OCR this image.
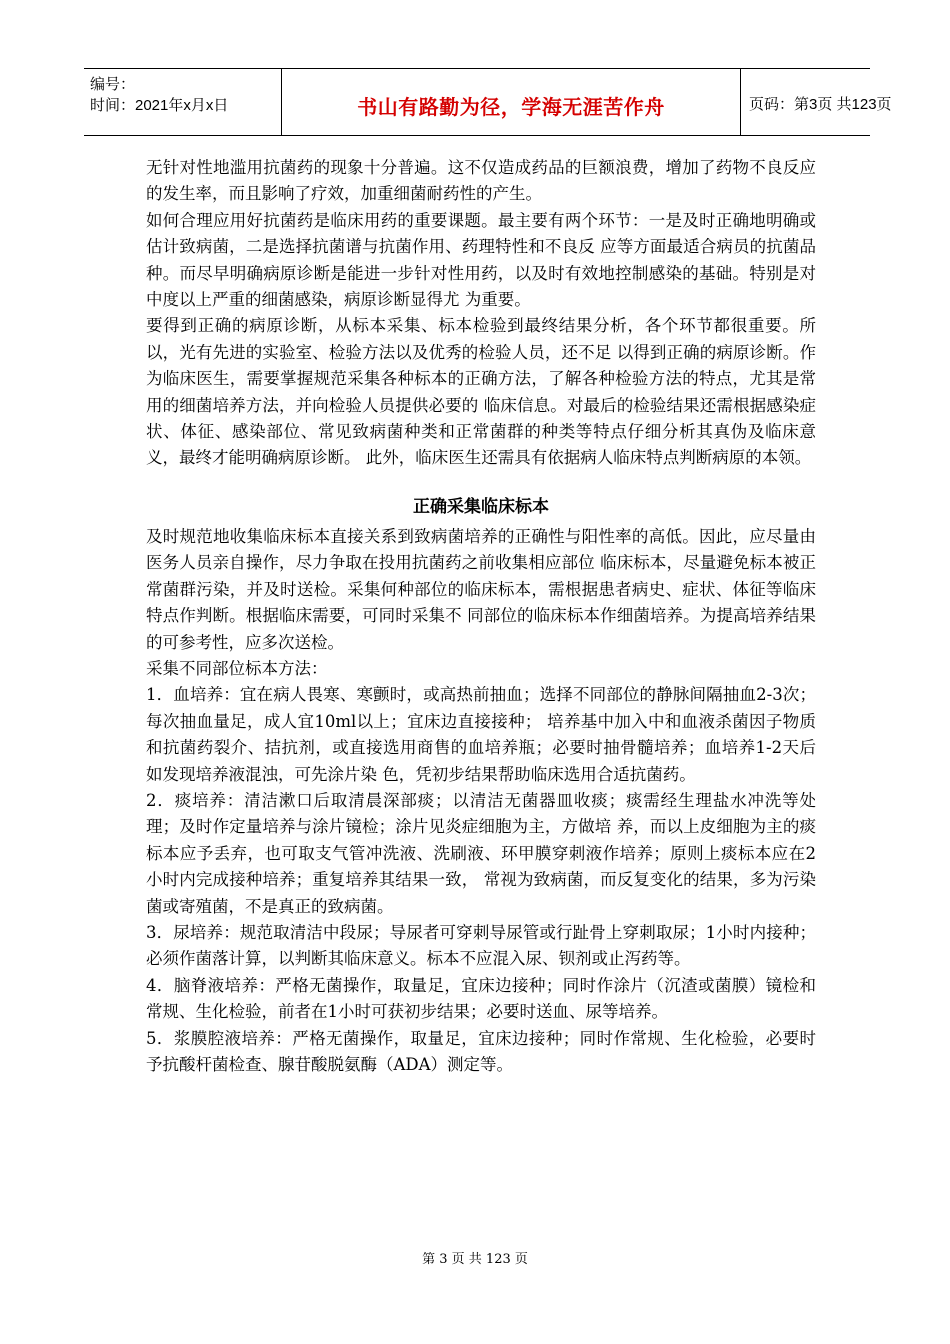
编号：
时间：2021年x月x日	书山有路勤为径，学海无涯苦作舟	页码：第3页 共123页

无针对性地滥用抗菌药的现象十分普遍。这不仅造成药品的巨额浪费，增加了药物不良反应的发生率，而且影响了疗效，加重细菌耐药性的产生。

如何合理应用好抗菌药是临床用药的重要课题。最主要有两个环节：一是及时正确地明确或估计致病菌，二是选择抗菌谱与抗菌作用、药理特性和不良反 应等方面最适合病员的抗菌品种。而尽早明确病原诊断是能进一步针对性用药，以及时有效地控制感染的基础。特别是对中度以上严重的细菌感染，病原诊断显得尤 为重要。

要得到正确的病原诊断，从标本采集、标本检验到最终结果分析，各个环节都很重要。所以，光有先进的实验室、检验方法以及优秀的检验人员，还不足 以得到正确的病原诊断。作为临床医生，需要掌握规范采集各种标本的正确方法，了解各种检验方法的特点，尤其是常用的细菌培养方法，并向检验人员提供必要的 临床信息。对最后的检验结果还需根据感染症状、体征、感染部位、常见致病菌种类和正常菌群的种类等特点仔细分析其真伪及临床意义，最终才能明确病原诊断。 此外，临床医生还需具有依据病人临床特点判断病原的本领。

正确采集临床标本

及时规范地收集临床标本直接关系到致病菌培养的正确性与阳性率的高低。因此，应尽量由医务人员亲自操作，尽力争取在投用抗菌药之前收集相应部位 临床标本，尽量避免标本被正常菌群污染，并及时送检。采集何种部位的临床标本，需根据患者病史、症状、体征等临床特点作判断。根据临床需要，可同时采集不 同部位的临床标本作细菌培养。为提高培养结果的可参考性，应多次送检。

采集不同部位标本方法：

1．血培养：宜在病人畏寒、寒颤时，或高热前抽血；选择不同部位的静脉间隔抽血2-3次；每次抽血量足，成人宜10ml以上；宜床边直接接种； 培养基中加入中和血液杀菌因子物质和抗菌药裂介、拮抗剂，或直接选用商售的血培养瓶；必要时抽骨髓培养；血培养1-2天后如发现培养液混浊，可先涂片染 色，凭初步结果帮助临床选用合适抗菌药。

2．痰培养：清洁漱口后取清晨深部痰；以清洁无菌器皿收痰；痰需经生理盐水冲洗等处理；及时作定量培养与涂片镜检；涂片见炎症细胞为主，方做培 养，而以上皮细胞为主的痰标本应予丢弃，也可取支气管冲洗液、洗刷液、环甲膜穿刺液作培养；原则上痰标本应在2小时内完成接种培养；重复培养其结果一致， 常视为致病菌，而反复变化的结果，多为污染菌或寄殖菌，不是真正的致病菌。

3．尿培养：规范取清洁中段尿；导尿者可穿刺导尿管或行趾骨上穿刺取尿；1小时内接种；必须作菌落计算，以判断其临床意义。标本不应混入尿、钡剂或止泻药等。

4．脑脊液培养：严格无菌操作，取量足，宜床边接种；同时作涂片（沉渣或菌膜）镜检和常规、生化检验，前者在1小时可获初步结果；必要时送血、尿等培养。

5．浆膜腔液培养：严格无菌操作，取量足，宜床边接种；同时作常规、生化检验，必要时予抗酸杆菌检查、腺苷酸脱氨酶（ADA）测定等。

第 3 页 共 123 页
